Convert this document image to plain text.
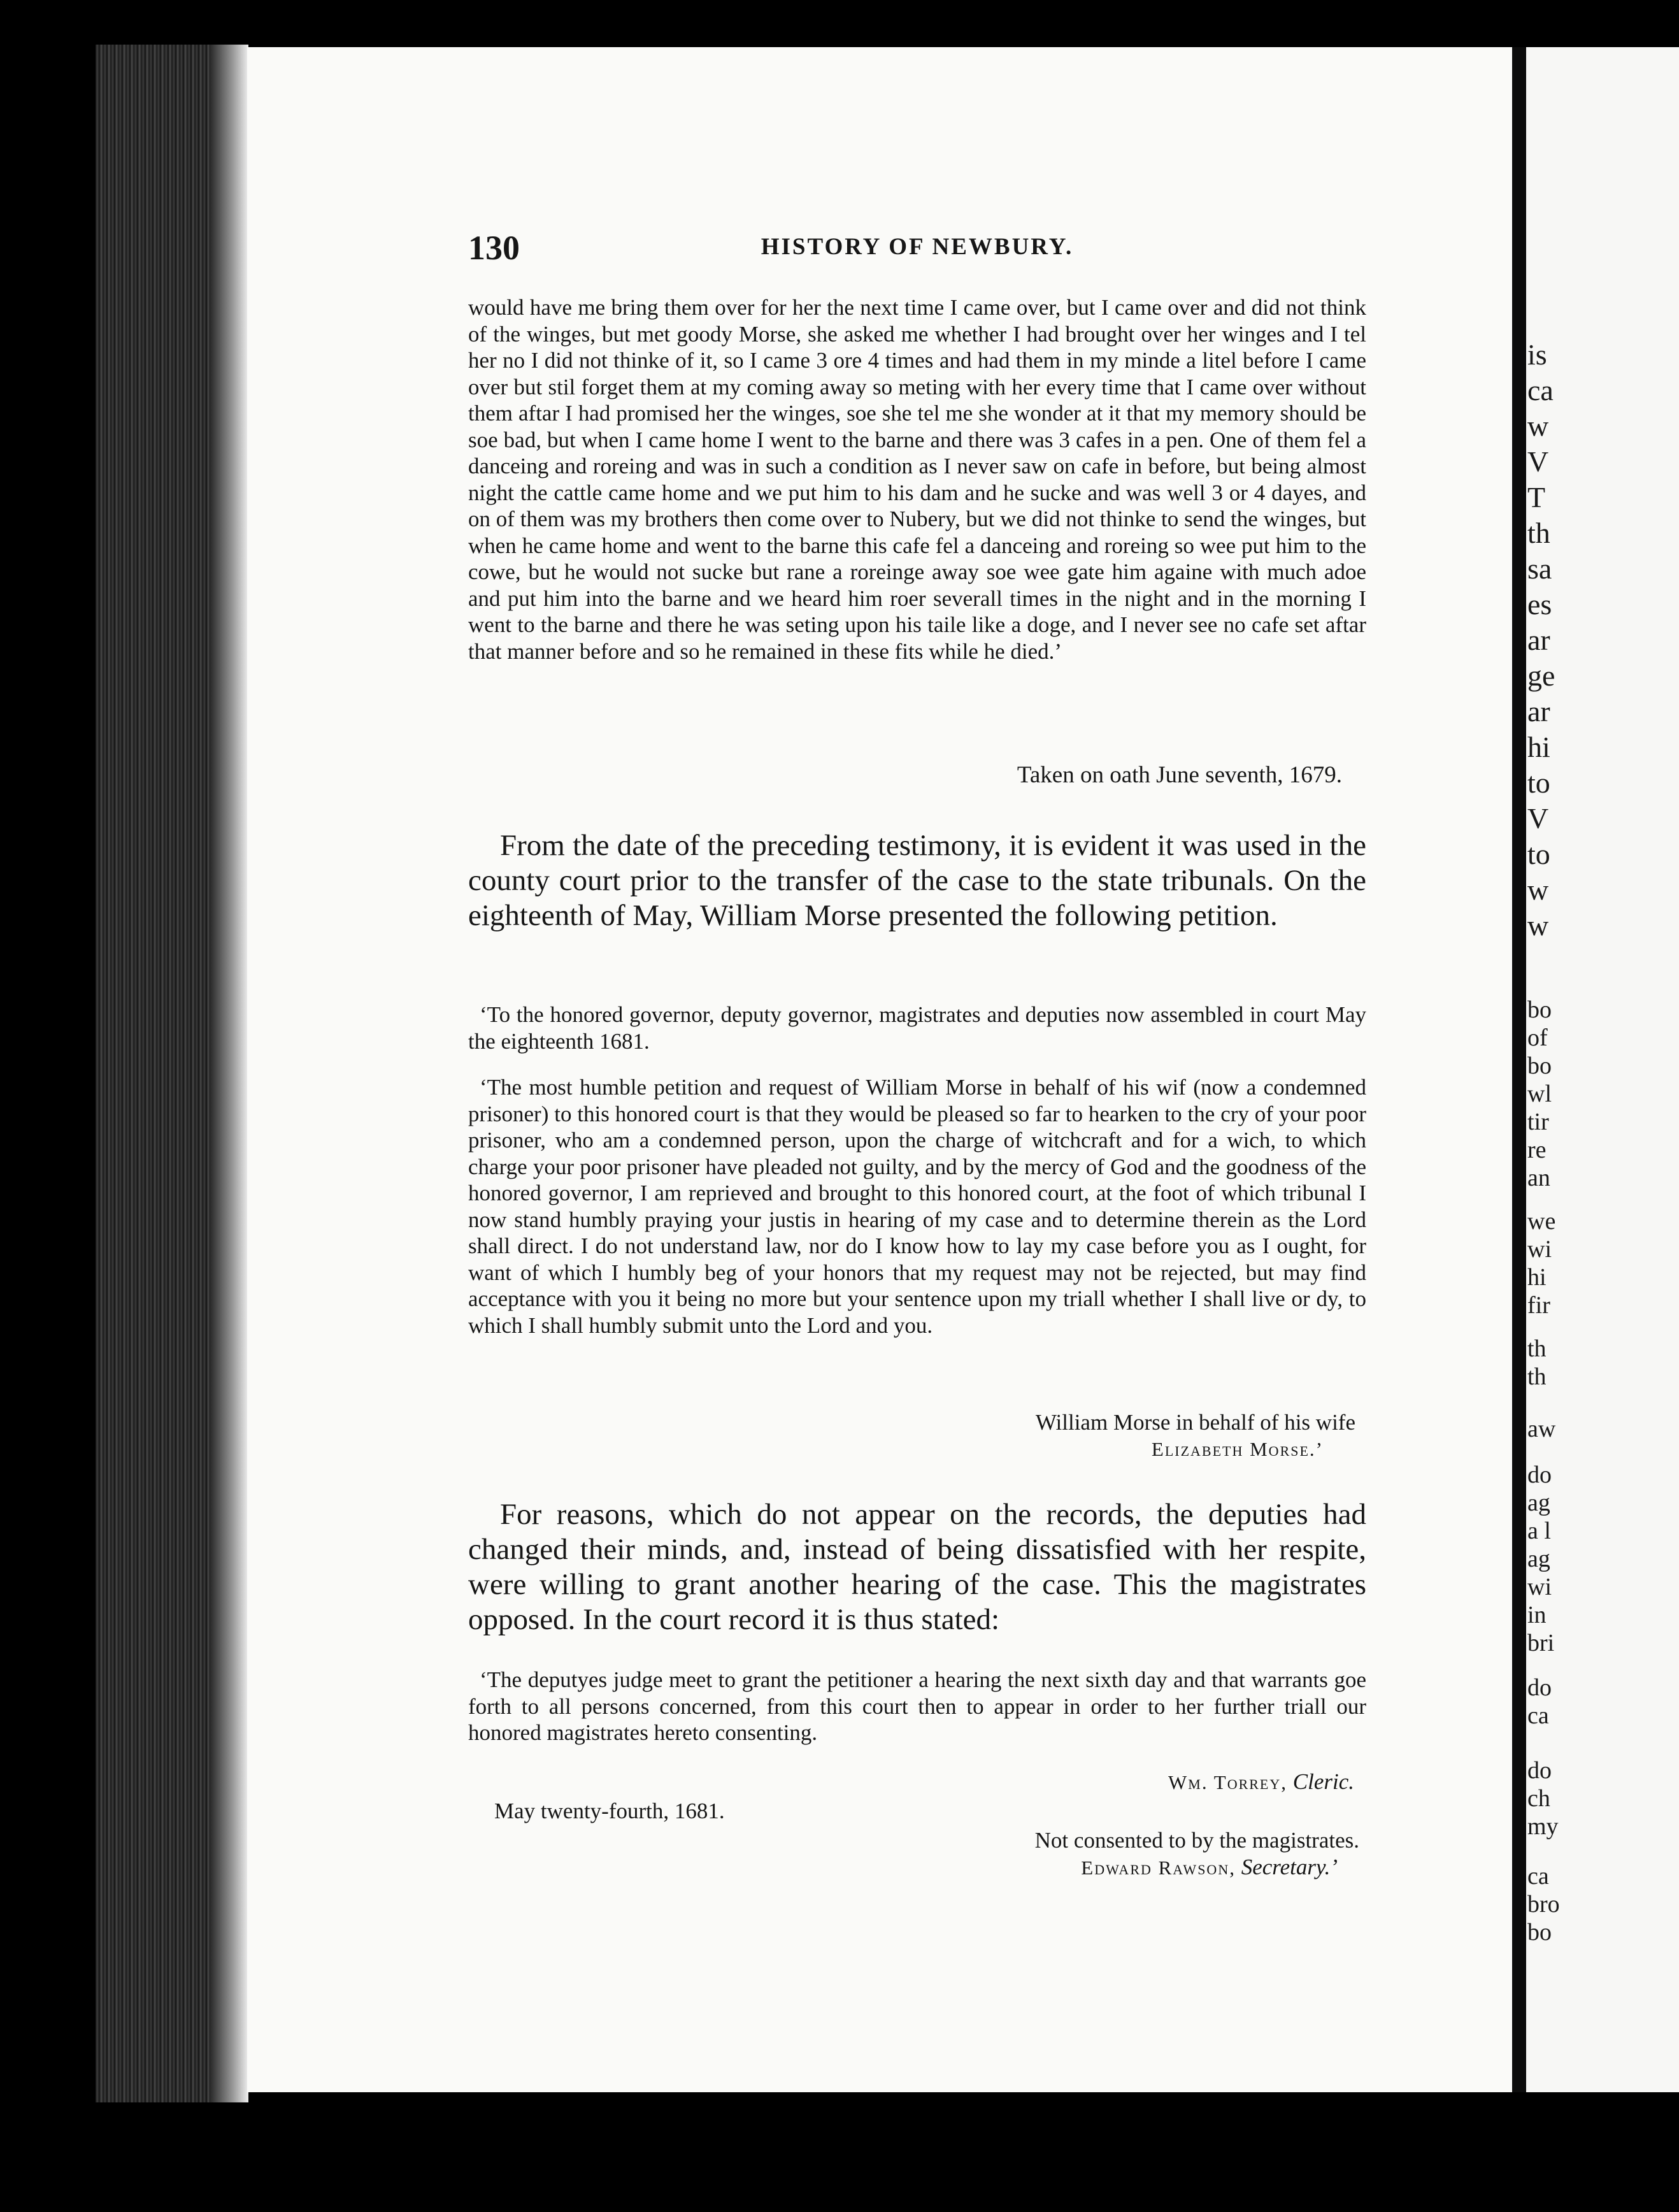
is
ca
w
V
T
th
sa
es
ar
ge
ar
hi
to
V
to
w
w
bo
of
bo
wl
tir
re
an
we
wi
hi
fir
th
th
aw
do
ag
a l
ag
wi
in
bri
do
ca
do
ch
my
ca
bro
bo
130	HISTORY OF NEWBURY.
would have me bring them over for her the next time I came over, but I came over and did not think of the winges, but met goody Morse, she asked me whether I had brought over her winges and I tel her no I did not thinke of it, so I came 3 ore 4 times and had them in my minde a litel before I came over but stil forget them at my coming away so meting with her every time that I came over without them aftar I had promised her the winges, soe she tel me she wonder at it that my memory should be soe bad, but when I came home I went to the barne and there was 3 cafes in a pen. One of them fel a danceing and roreing and was in such a condition as I never saw on cafe in before, but being almost night the cattle came home and we put him to his dam and he sucke and was well 3 or 4 dayes, and on of them was my brothers then come over to Nubery, but we did not thinke to send the winges, but when he came home and went to the barne this cafe fel a danceing and roreing so wee put him to the cowe, but he would not sucke but rane a roreinge away soe wee gate him againe with much adoe and put him into the barne and we heard him roer severall times in the night and in the morning I went to the barne and there he was seting upon his taile like a doge, and I never see no cafe set aftar that manner before and so he remained in these fits while he died.’
Taken on oath June seventh, 1679.
From the date of the preceding testimony, it is evident it was used in the county court prior to the transfer of the case to the state tribunals. On the eighteenth of May, William Morse presented the following petition.
‘To the honored governor, deputy governor, magistrates and deputies now assembled in court May the eighteenth 1681.
‘The most humble petition and request of William Morse in behalf of his wif (now a condemned prisoner) to this honored court is that they would be pleased so far to hearken to the cry of your poor prisoner, who am a condemned person, upon the charge of witchcraft and for a wich, to which charge your poor prisoner have pleaded not guilty, and by the mercy of God and the goodness of the honored governor, I am reprieved and brought to this honored court, at the foot of which tribunal I now stand humbly praying your justis in hearing of my case and to determine therein as the Lord shall direct. I do not understand law, nor do I know how to lay my case before you as I ought, for want of which I humbly beg of your honors that my request may not be rejected, but may find acceptance with you it being no more but your sentence upon my triall whether I shall live or dy, to which I shall humbly submit unto the Lord and you.
William Morse in behalf of his wife
Elizabeth Morse.’
For reasons, which do not appear on the records, the deputies had changed their minds, and, instead of being dissatisfied with her respite, were willing to grant another hearing of the case. This the magistrates opposed. In the court record it is thus stated:
‘The deputyes judge meet to grant the petitioner a hearing the next sixth day and that warrants goe forth to all persons concerned, from this court then to appear in order to her further triall our honored magistrates hereto consenting.
Wm. Torrey, Cleric.
May twenty-fourth, 1681.
Not consented to by the magistrates.
Edward Rawson, Secretary.’
